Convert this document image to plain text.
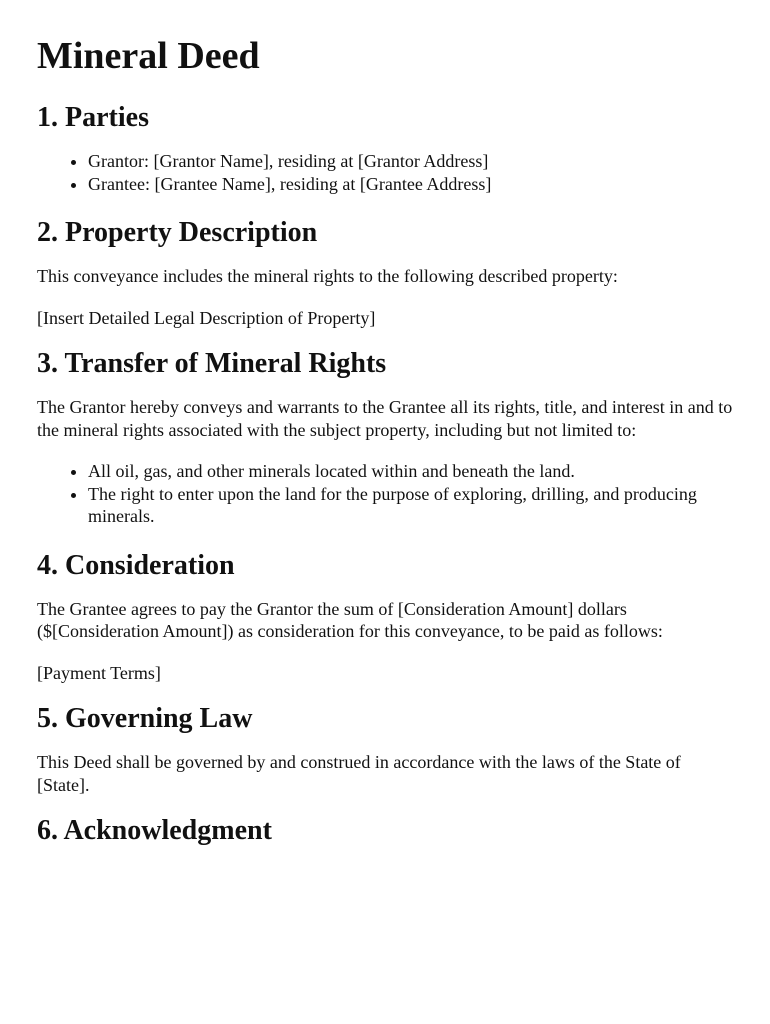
Mineral Deed
1. Parties
• Grantor: [Grantor Name], residing at [Grantor Address]
• Grantee: [Grantee Name], residing at [Grantee Address]
2. Property Description

This conveyance includes the mineral rights to the following described property:

[Insert Detailed Legal Description of Property]

3. Transfer of Mineral Rights

The Grantor hereby conveys and warrants to the Grantee all its rights, title, and interest in and to the mineral rights associated with the subject property, including but not limited to:

• All oil, gas, and other minerals located within and beneath the land.
• The right to enter upon the land for the purpose of exploring, drilling, and producing minerals.
4. Consideration

The Grantee agrees to pay the Grantor the sum of [Consideration Amount] dollars ($[Consideration Amount]) as consideration for this conveyance, to be paid as follows:

[Payment Terms]

5. Governing Law

This Deed shall be governed by and construed in accordance with the laws of the State of [State].

6. Acknowledgment
